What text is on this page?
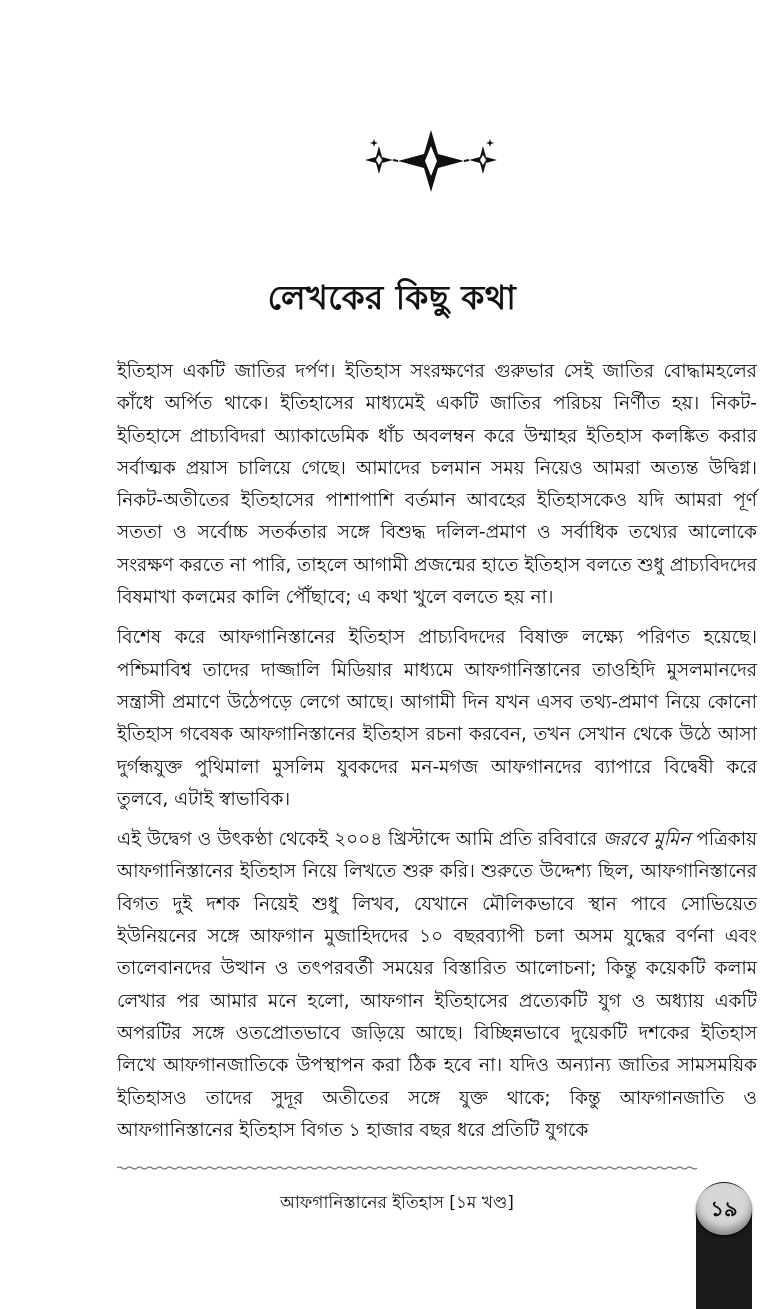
লেখকের কিছু কথা

ইতিহাস একটি জাতির দর্পণ। ইতিহাস সংরক্ষণের গুরুভার সেই জাতির বোদ্ধামহলের কাঁধে অর্পিত থাকে। ইতিহাসের মাধ্যমেই একটি জাতির পরিচয় নির্ণীত হয়। নিকট-ইতিহাসে প্রাচ্যবিদরা অ্যাকাডেমিক ধাঁচ অবলম্বন করে উম্মাহর ইতিহাস কলঙ্কিত করার সর্বাত্মক প্রয়াস চালিয়ে গেছে। আমাদের চলমান সময় নিয়েও আমরা অত্যন্ত উদ্বিগ্ন। নিকট-অতীতের ইতিহাসের পাশাপাশি বর্তমান আবহের ইতিহাসকেও যদি আমরা পূর্ণ সততা ও সর্বোচ্চ সতর্কতার সঙ্গে বিশুদ্ধ দলিল-প্রমাণ ও সর্বাধিক তথ্যের আলোকে সংরক্ষণ করতে না পারি, তাহলে আগামী প্রজন্মের হাতে ইতিহাস বলতে শুধু প্রাচ্যবিদদের বিষমাখা কলমের কালি পৌঁছাবে; এ কথা খুলে বলতে হয় না।

বিশেষ করে আফগানিস্তানের ইতিহাস প্রাচ্যবিদদের বিষাক্ত লক্ষ্যে পরিণত হয়েছে। পশ্চিমাবিশ্ব তাদের দাজ্জালি মিডিয়ার মাধ্যমে আফগানিস্তানের তাওহিদি মুসলমানদের সন্ত্রাসী প্রমাণে উঠেপড়ে লেগে আছে। আগামী দিন যখন এসব তথ্য-প্রমাণ নিয়ে কোনো ইতিহাস গবেষক আফগানিস্তানের ইতিহাস রচনা করবেন, তখন সেখান থেকে উঠে আসা দুর্গন্ধযুক্ত পুথিমালা মুসলিম যুবকদের মন-মগজ আফগানদের ব্যাপারে বিদ্বেষী করে তুলবে, এটাই স্বাভাবিক।

এই উদ্বেগ ও উৎকণ্ঠা থেকেই ২০০৪ খ্রিস্টাব্দে আমি প্রতি রবিবারে জরবে মুমিন পত্রিকায় আফগানিস্তানের ইতিহাস নিয়ে লিখতে শুরু করি। শুরুতে উদ্দেশ্য ছিল, আফগানিস্তানের বিগত দুই দশক নিয়েই শুধু লিখব, যেখানে মৌলিকভাবে স্থান পাবে সোভিয়েত ইউনিয়নের সঙ্গে আফগান মুজাহিদদের ১০ বছরব্যাপী চলা অসম যুদ্ধের বর্ণনা এবং তালেবানদের উত্থান ও তৎপরবর্তী সময়ের বিস্তারিত আলোচনা; কিন্তু কয়েকটি কলাম লেখার পর আমার মনে হলো, আফগান ইতিহাসের প্রত্যেকটি যুগ ও অধ্যায় একটি অপরটির সঙ্গে ওতপ্রোতভাবে জড়িয়ে আছে। বিচ্ছিন্নভাবে দুয়েকটি দশকের ইতিহাস লিখে আফগানজাতিকে উপস্থাপন করা ঠিক হবে না। যদিও অন্যান্য জাতির সামসময়িক ইতিহাসও তাদের সুদূর অতীতের সঙ্গে যুক্ত থাকে; কিন্তু আফগানজাতি ও আফগানিস্তানের ইতিহাস বিগত ১ হাজার বছর ধরে প্রতিটি যুগকে

আফগানিস্তানের ইতিহাস [১ম খণ্ড]	১৯
